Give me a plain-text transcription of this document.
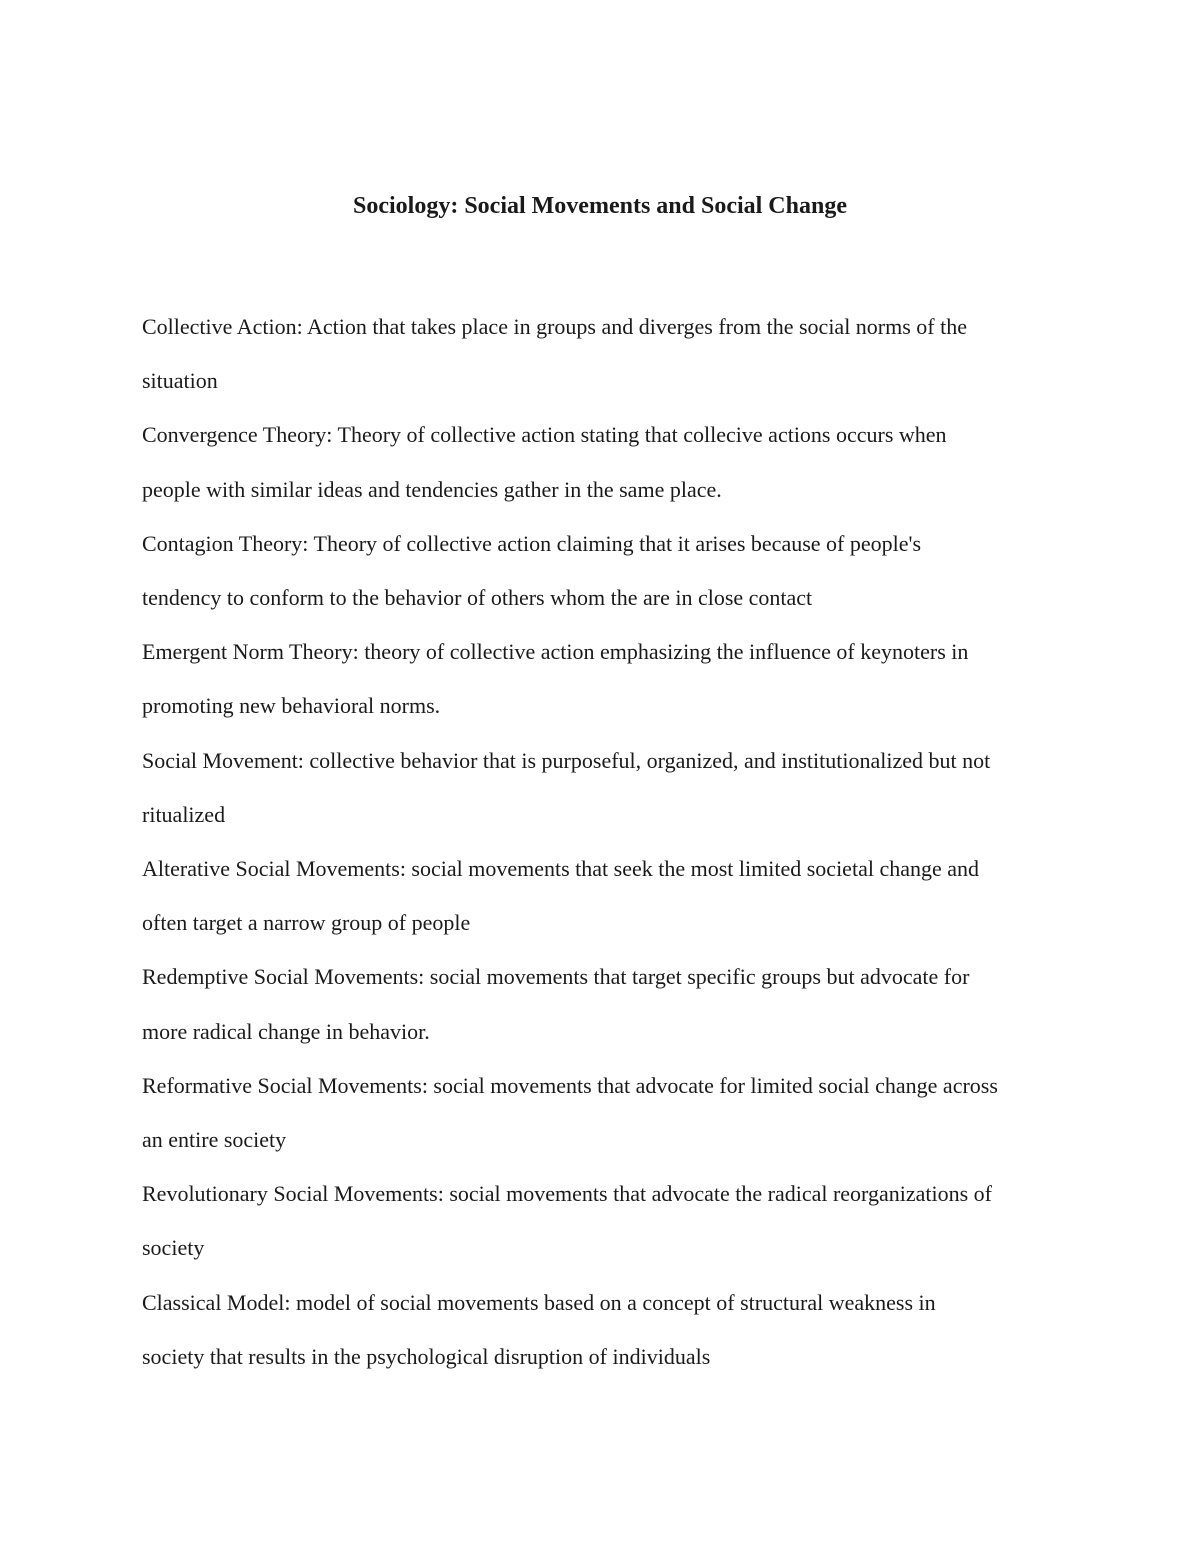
Sociology: Social Movements and Social Change

Collective Action: Action that takes place in groups and diverges from the social norms of the
situation

Convergence Theory: Theory of collective action stating that collecive actions occurs when
people with similar ideas and tendencies gather in the same place.

Contagion Theory: Theory of collective action claiming that it arises because of people's
tendency to conform to the behavior of others whom the are in close contact

Emergent Norm Theory: theory of collective action emphasizing the influence of keynoters in
promoting new behavioral norms.

Social Movement: collective behavior that is purposeful, organized, and institutionalized but not
ritualized

Alterative Social Movements: social movements that seek the most limited societal change and
often target a narrow group of people

Redemptive Social Movements: social movements that target specific groups but advocate for
more radical change in behavior.

Reformative Social Movements: social movements that advocate for limited social change across
an entire society

Revolutionary Social Movements: social movements that advocate the radical reorganizations of
society

Classical Model: model of social movements based on a concept of structural weakness in
society that results in the psychological disruption of individuals
